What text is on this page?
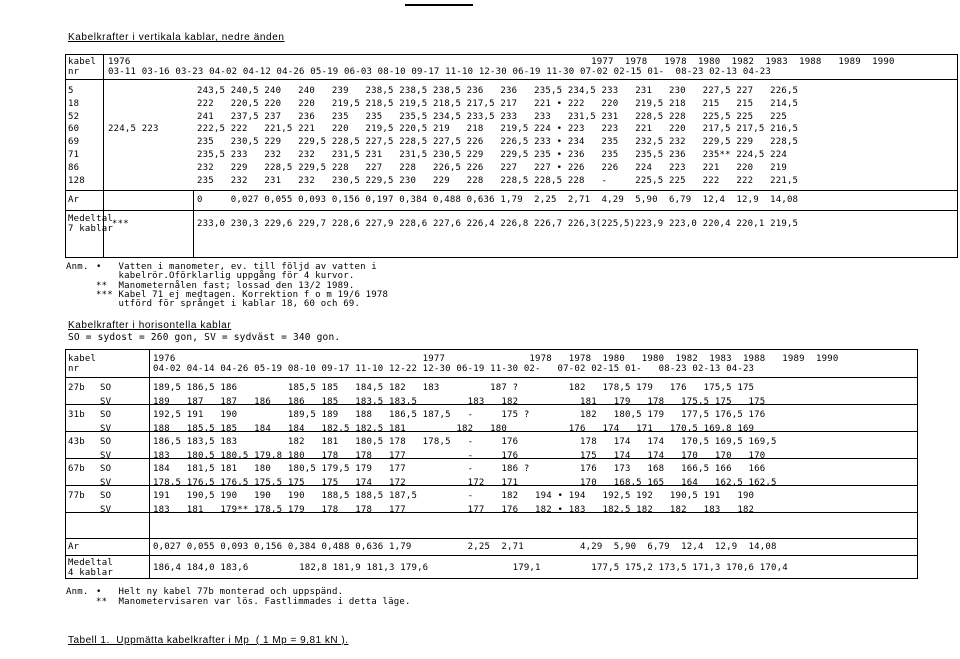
Kabelkrafter i vertikala kablar, nedre änden
kabel
nr
1976                                                                                  1977  1978   1978  1980  1982  1983  1988   1989  1990
03-11 03-16 03-23 04-02 04-12 04-26 05-19 06-03 08-10 09-17 11-10 12-30 06-19 11-30 07-02 02-15 01-  08-23 02-13 04-23
5	243,5 240,5 240   240   239   238,5 238,5 238,5 236   236   235,5 234,5 233   231   230   227,5 227   226,5
18	222   220,5 220   220   219,5 218,5 219,5 218,5 217,5 217   221 • 222   220   219,5 218   215   215   214,5
52	241   237,5 237   236   235   235   235,5 234,5 233,5 233   233   231,5 231   228,5 228   225,5 225   225
60	224,5 223	222,5 222   221,5 221   220   219,5 220,5 219   218   219,5 224 • 223   223   221   220   217,5 217,5 216,5
69	235   230,5 229   229,5 228,5 227,5 228,5 227,5 226   226,5 233 • 234   235   232,5 232   229,5 229   228,5
71	235,5 233   232   232   231,5 231   231,5 230,5 229   229,5 235 • 236   235   235,5 236   235** 224,5 224
86	232   229   228,5 229,5 228   227   228   226,5 226   227   227 • 226   226   224   223   221   220   219
128	235   232   231   232   230,5 229,5 230   229   228   228,5 228,5 228   -     225,5 225   222   222   221,5
Ar	0     0,027 0,055 0,093 0,156 0,197 0,384 0,488 0,636 1,79  2,25  2,71  4,29  5,90  6,79  12,4  12,9  14,08
Medeltal
7 kablar ***	233,0 230,3 229,6 229,7 228,6 227,9 228,6 227,6 226,4 226,8 226,7 226,3(225,5)223,9 223,0 220,4 220,1 219,5
Anm. •   Vatten i manometer, ev. till följd av vatten i
kabelrör.Oförklarlig uppgång för 4 kurvor.
**  Manometernålen fast; lossad den 13/2 1989.
*** Kabel 71 ej medtagen. Korrektion f o m 19/6 1978
utförd för språnget i kablar 18, 60 och 69.
Kabelkrafter i horisontella kablar
SO = sydost = 260 gon, SV = sydväst = 340 gon.
kabel
nr
1976                                            1977               1978   1978  1980   1980  1982  1983  1988   1989  1990
04-02 04-14 04-26 05-19 08-10 09-17 11-10 12-22 12-30 06-19 11-30 02-   07-02 02-15 01-   08-23 02-13 04-23
27b SO	189,5 186,5 186         185,5 185   184,5 182   183         187 ?         182   178,5 179   176   175,5 175
SV	189   187   187   186   186   185   183,5 183,5         183   182           181   179   178   175,5 175   175
31b SO	192,5 191   190         189,5 189   188   186,5 187,5   -     175 ?         182   180,5 179   177,5 176,5 176
SV	188   185,5 185   184   184   182,5 182,5 181         182   180           176   174   171   170,5 169,8 169
43b SO	186,5 183,5 183         182   181   180,5 178   178,5   -     176           178   174   174   170,5 169,5 169,5
SV	183   180,5 180,5 179,8 180   178   178   177           -     176           175   174   174   170   170   170
67b SO	184   181,5 181   180   180,5 179,5 179   177           -     186 ?         176   173   168   166,5 166   166
SV	178,5 176,5 176,5 175,5 175   175   174   172           172   171           170   168,5 165   164   162,5 162,5
77b SO	191   190,5 190   190   190   188,5 188,5 187,5         -     182   194 • 194   192,5 192   190,5 191   190
SV	183   181   179** 178,5 179   178   178   177           177   176   182 • 183   182,5 182   182   183   182
Ar	0,027 0,055 0,093 0,156 0,384 0,488 0,636 1,79          2,25  2,71          4,29  5,90  6,79  12,4  12,9  14,08
Medeltal
4 kablar	186,4 184,0 183,6         182,8 181,9 181,3 179,6               179,1         177,5 175,2 173,5 171,3 170,6 170,4
Anm. •   Helt ny kabel 77b monterad och uppspänd.
**  Manometervisaren var lös. Fastlimmades i detta läge.
Tabell 1.  Uppmätta kabelkrafter i Mp  ( 1 Mp = 9,81 kN ).
